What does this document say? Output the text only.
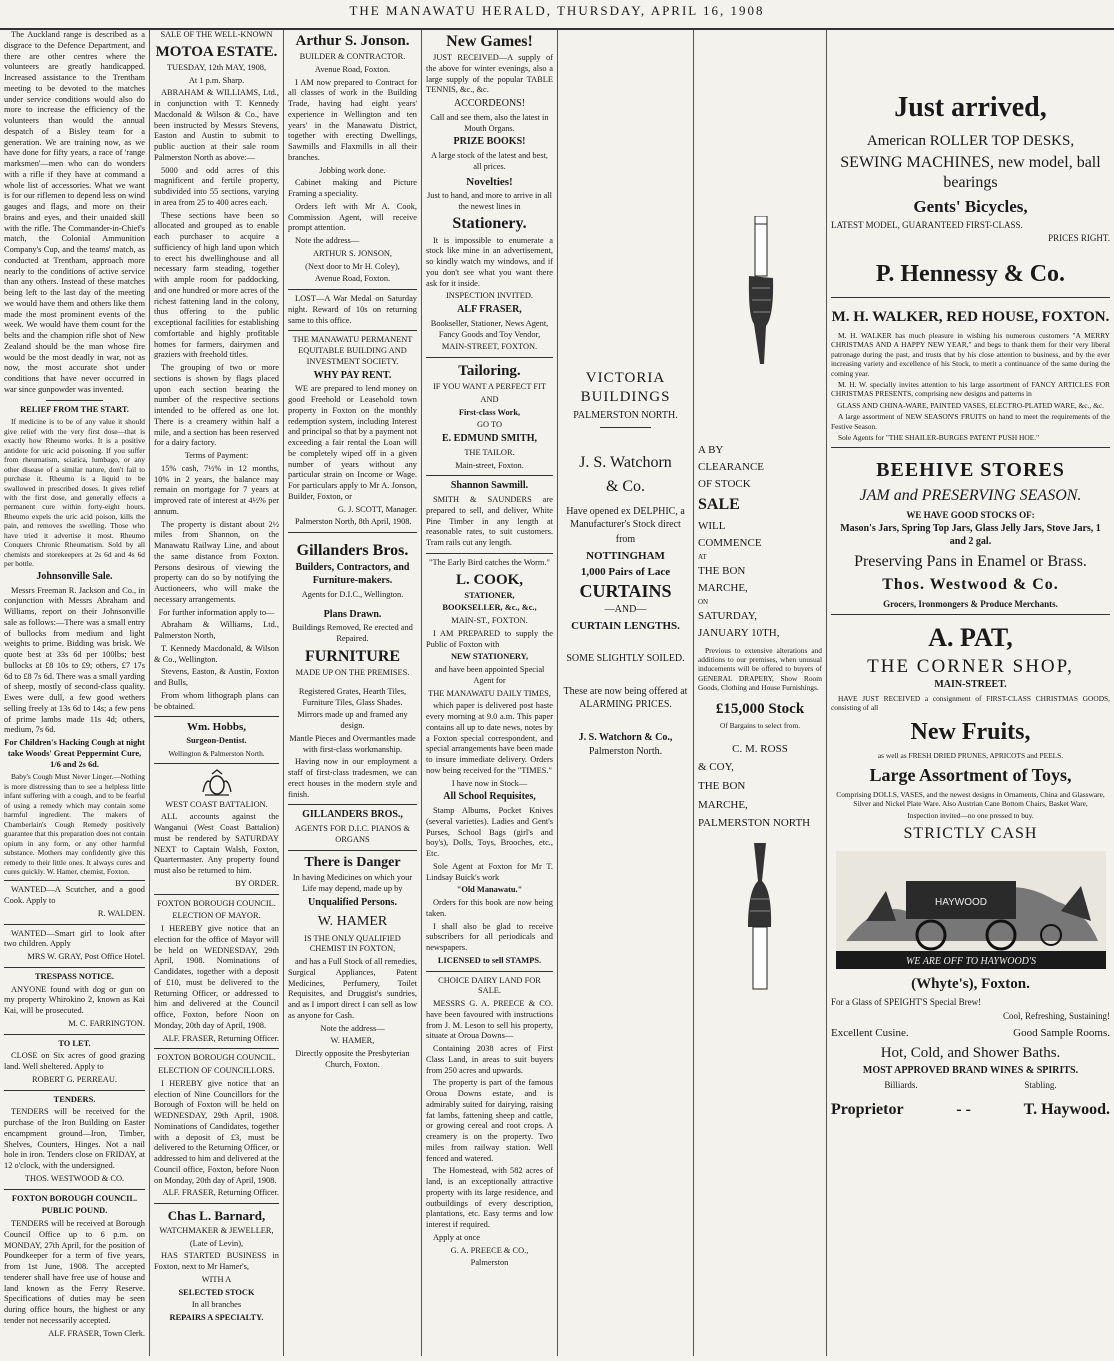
THE MANAWATU HERALD, THURSDAY, APRIL 16, 1908

The Auckland range is described as a disgrace to the Defence Department, and there are other centres where the volunteers are greatly handicapped. Increased assistance to the Trentham meeting to be devoted to the matches under service conditions would also do more to increase the efficiency of the volunteers than would the annual despatch of a Bisley team for a generation. We are training now, as we have done for fifty years, a race of 'range marksmen'—men who can do wonders with a rifle if they have at command a whole list of accessories. What we want is for our riflemen to depend less on wind gauges and flags, and more on their brains and eyes, and their unaided skill with the rifle. The Commander-in-Chief's match, the Colonial Ammunition Company's Cup, and the teams' match, as conducted at Trentham, approach more nearly to the conditions of active service than any others. Instead of these matches being left to the last day of the meeting we would have them and others like them made the most prominent events of the week. We would have them count for the belts and the champion rifle shot of New Zealand should be the man whose fire would be the most deadly in war, not as now, the most accurate shot under conditions that have never occurred in war since gunpowder was invented.

RELIEF FROM THE START.

If medicine is to be of any value it should give relief with the very first dose—that is exactly how Rheumo works. It is a positive antidote for uric acid poisoning. If you suffer from rheumatism, sciatica, lumbago, or any other disease of a similar nature, don't fail to purchase it. Rheumo is a liquid to be swallowed in prescribed doses. It gives relief with the first dose, and generally effects a permanent cure within forty-eight hours. Rheumo expels the uric acid poison, kills the pain, and removes the swelling. Those who have tried it advertise it most. Rheumo Conquers Chronic Rheumatism. Sold by all chemists and storekeepers at 2s 6d and 4s 6d per bottle.

Johnsonville Sale.

Messrs Freeman R. Jackson and Co., in conjunction with Messrs Abraham and Williams, report on their Johnsonville sale as follows:—There was a small entry of bullocks from medium and light weights to prime. Bidding was brisk. We quote best at 33s 6d per 100lbs; best bullocks at £8 10s to £9; others, £7 17s 6d to £8 7s 6d. There was a small yarding of sheep, mostly of second-class quality. Ewes were dull, a few good wethers selling freely at 13s 6d to 14s; a few pens of prime lambs made 11s 4d; others, medium, 7s 6d.

For Children's Hacking Cough at night take Woods' Great Peppermint Cure, 1/6 and 2s 6d.

Baby's Cough Must Never Linger.—Nothing is more distressing than to see a helpless little infant suffering with a cough, and to be fearful of using a remedy which may contain some harmful ingredient. The makers of Chamberlain's Cough Remedy positively guarantee that this preparation does not contain opium in any form, or any other harmful substance. Mothers may confidently give this remedy to their little ones. It always cures and cures quickly. W. Hamer, chemist, Foxton.

WANTED—A Scutcher, and a good Cook. Apply to

R. WALDEN.

WANTED—Smart girl to look after two children. Apply

MRS W. GRAY, Post Office Hotel.

TRESPASS NOTICE.

ANYONE found with dog or gun on my property Whirokino 2, known as Kai Kai, will be prosecuted.

M. C. FARRINGTON.

TO LET.

CLOSE on Six acres of good grazing land. Well sheltered. Apply to

ROBERT G. PERREAU.

TENDERS.

TENDERS will be received for the purchase of the Iron Building on Easter encampment ground—Iron, Timber, Shelves, Counters, Hinges. Not a nail hole in iron. Tenders close on FRIDAY, at 12 o'clock, with the undersigned.

THOS. WESTWOOD & CO.

FOXTON BOROUGH COUNCIL.

PUBLIC POUND.

TENDERS will be received at Borough Council Office up to 6 p.m. on MONDAY, 27th April, for the position of Poundkeeper for a term of five years, from 1st June, 1908. The accepted tenderer shall have free use of house and land known as the Ferry Reserve. Specifications of duties may be seen during office hours, the highest or any tender not necessarily accepted.

ALF. FRASER, Town Clerk.

SALE OF THE WELL-KNOWN

MOTOA ESTATE.

TUESDAY, 12th MAY, 1908,

At 1 p.m. Sharp.

ABRAHAM & WILLIAMS, Ltd., in conjunction with T. Kennedy Macdonald & Wilson & Co., have been instructed by Messrs Stevens, Easton and Austin to submit to public auction at their sale room Palmerston North as above:—

5000 and odd acres of this magnificent and fertile property, subdivided into 55 sections, varying in area from 25 to 400 acres each.

These sections have been so allocated and grouped as to enable each purchaser to acquire a sufficiency of high land upon which to erect his dwellinghouse and all necessary farm steading, together with ample room for paddocking, and one hundred or more acres of the richest fattening land in the colony, thus offering to the public exceptional facilities for establishing comfortable and highly profitable homes for farmers, dairymen and graziers with freehold titles.

The grouping of two or more sections is shown by flags placed upon each section bearing the number of the respective sections intended to be offered as one lot. There is a creamery within half a mile, and a section has been reserved for a dairy factory.

Terms of Payment:

15% cash, 7½% in 12 months, 10% in 2 years, the balance may remain on mortgage for 7 years at improved rate of interest at 4½% per annum.

The property is distant about 2½ miles from Shannon, on the Manawatu Railway Line, and about the same distance from Foxton. Persons desirous of viewing the property can do so by notifying the Auctioneers, who will make the necessary arrangements.

For further information apply to—

Abraham & Williams, Ltd., Palmerston North,

T. Kennedy Macdonald, & Wilson & Co., Wellington.

Stevens, Easton, & Austin, Foxton and Bulls,

From whom lithograph plans can be obtained.

Wm. Hobbs,

Surgeon-Dentist.

Wellington & Palmerston North.

WEST COAST BATTALION.

ALL accounts against the Wanganui (West Coast Battalion) must be rendered by SATURDAY NEXT to Captain Walsh, Foxton, Quartermaster. Any property found must also be returned to him.

BY ORDER.

FOXTON BOROUGH COUNCIL.

ELECTION OF MAYOR.

I HEREBY give notice that an election for the office of Mayor will be held on WEDNESDAY, 29th April, 1908. Nominations of Candidates, together with a deposit of £10, must be delivered to the Returning Officer, or addressed to him and delivered at the Council office, Foxton, before Noon on Monday, 20th day of April, 1908.

ALF. FRASER, Returning Officer.

FOXTON BOROUGH COUNCIL.

ELECTION OF COUNCILLORS.

I HEREBY give notice that an election of Nine Councillors for the Borough of Foxton will be held on WEDNESDAY, 29th April, 1908. Nominations of Candidates, together with a deposit of £3, must be delivered to the Returning Officer, or addressed to him and delivered at the Council office, Foxton, before Noon on Monday, 20th day of April, 1908.

ALF. FRASER, Returning Officer.

Chas L. Barnard,

WATCHMAKER & JEWELLER,

(Late of Levin),

HAS STARTED BUSINESS in Foxton, next to Mr Hamer's,

WITH A

SELECTED STOCK

In all branches

REPAIRS A SPECIALTY.

Arthur S. Jonson.

BUILDER & CONTRACTOR.

Avenue Road, Foxton.

I AM now prepared to Contract for all classes of work in the Building Trade, having had eight years' experience in Wellington and ten years' in the Manawatu District, together with erecting Dwellings, Sawmills and Flaxmills in all their branches.

Jobbing work done.

Cabinet making and Picture Framing a speciality.

Orders left with Mr A. Cook, Commission Agent, will receive prompt attention.

Note the address—

ARTHUR S. JONSON,

(Next door to Mr H. Coley),

Avenue Road, Foxton.

LOST—A War Medal on Saturday night. Reward of 10s on returning same to this office.

THE MANAWATU PERMANENT EQUITABLE BUILDING AND INVESTMENT SOCIETY.

WHY PAY RENT.

WE are prepared to lend money on good Freehold or Leasehold town property in Foxton on the monthly redemption system, including Interest and principal so that by a payment not exceeding a fair rental the Loan will be completely wiped off in a given number of years without any particular strain on Income or Wage. For particulars apply to Mr A. Jonson, Builder, Foxton, or

G. J. SCOTT, Manager.

Palmerston North, 8th April, 1908.

Gillanders Bros.

Builders, Contractors, and Furniture-makers.

Agents for D.I.C., Wellington.

Plans Drawn.

Buildings Removed, Re erected and Repaired.

FURNITURE

MADE UP ON THE PREMISES.

Registered Grates, Hearth Tiles, Furniture Tiles, Glass Shades.

Mirrors made up and framed any design.

Mantle Pieces and Overmantles made with first-class workmanship.

Having now in our employment a staff of first-class tradesmen, we can erect houses in the modern style and finish.

GILLANDERS BROS.,

AGENTS FOR D.I.C. PIANOS & ORGANS

There is Danger

In having Medicines on which your Life may depend, made up by

Unqualified Persons.

W. HAMER

IS THE ONLY QUALIFIED CHEMIST IN FOXTON,

and has a Full Stock of all remedies, Surgical Appliances, Patent Medicines, Perfumery, Toilet Requisites, and Druggist's sundries, and as I import direct I can sell as low as anyone for Cash.

Note the address—

W. HAMER,

Directly opposite the Presbyterian Church, Foxton.

New Games!

JUST RECEIVED—A supply of the above for winter evenings, also a large supply of the popular TABLE TENNIS, &c., &c.

ACCORDEONS!

Call and see them, also the latest in Mouth Organs.

PRIZE BOOKS!

A large stock of the latest and best, all prices.

Novelties!

Just to hand, and more to arrive in all the newest lines in

Stationery.

It is impossible to enumerate a stock like mine in an advertisement, so kindly watch my windows, and if you don't see what you want there ask for it inside.

INSPECTION INVITED.

ALF FRASER,

Bookseller, Stationer, News Agent, Fancy Goods and Toy Vendor,

MAIN-STREET, FOXTON.

Tailoring.

IF YOU WANT A PERFECT FIT

AND

First-class Work,

GO TO

E. EDMUND SMITH,

THE TAILOR.

Main-street, Foxton.

Shannon Sawmill.

SMITH & SAUNDERS are prepared to sell, and deliver, White Pine Timber in any length at reasonable rates, to suit customers. Tram rails cut any length.

"The Early Bird catches the Worm."

L. COOK,

STATIONER,

BOOKSELLER, &c., &c.,

MAIN-ST., FOXTON.

I AM PREPARED to supply the Public of Foxton with

NEW STATIONERY,

and have been appointed Special Agent for

THE MANAWATU DAILY TIMES,

which paper is delivered post haste every morning at 9.0 a.m. This paper contains all up to date news, notes by a Foxton special correspondent, and special arrangements have been made to insure immediate delivery. Orders now being received for the "TIMES."

I have now in Stock—

All School Requisites,

Stamp Albums, Pocket Knives (several varieties). Ladies and Gent's Purses, School Bags (girl's and boy's), Dolls, Toys, Brooches, etc., Etc.

Sole Agent at Foxton for Mr T. Lindsay Buick's work

"Old Manawatu."

Orders for this book are now being taken.

I shall also be glad to receive subscribers for all periodicals and newspapers.

LICENSED to sell STAMPS.

CHOICE DAIRY LAND FOR SALE.

MESSRS G. A. PREECE & CO. have been favoured with instructions from J. M. Leson to sell his property, situate at Oroua Downs—

Containing 2038 acres of First Class Land, in areas to suit buyers from 250 acres and upwards.

The property is part of the famous Oroua Downs estate, and is admirably suited for dairying, raising fat lambs, fattening sheep and cattle, or growing cereal and root crops. A creamery is on the property. Two miles from railway station. Well fenced and watered.

The Homestead, with 582 acres of land, is an exceptionally attractive property with its large residence, and outbuildings of every description, plantations, etc. Easy terms and low interest if required.

Apply at once

G. A. PREECE & CO.,

Palmerston

VICTORIA BUILDINGS

PALMERSTON NORTH.

J. S. Watchorn
& Co.

Have opened ex DELPHIC, a Manufacturer's Stock direct

from

NOTTINGHAM

1,000 Pairs of Lace

CURTAINS

—AND—

CURTAIN LENGTHS.

SOME SLIGHTLY SOILED.

These are now being offered at ALARMING PRICES.

J. S. Watchorn & Co.,

Palmerston North.

A BY
CLEARANCE
OF STOCK
SALE
WILL
COMMENCE
AT
THE BON
MARCHE,
ON
SATURDAY,
JANUARY 10TH,

Previous to extensive alterations and additions to our premises, when unusual inducements will be offered to buyers of GENERAL DRAPERY, Show Room Goods, Clothing and House Furnishings.

£15,000 Stock

Of Bargains to select from.

C. M. ROSS
& COY,
THE BON
MARCHE,
PALMERSTON NORTH
Just arrived,
American ROLLER TOP DESKS,
SEWING MACHINES, new model, ball bearings
Gents' Bicycles,

LATEST MODEL, GUARANTEED FIRST-CLASS.

PRICES RIGHT.

P. Hennessy & Co.
M. H. WALKER, RED HOUSE, FOXTON.

M. H. WALKER has much pleasure in wishing his numerous customers "A MERRY CHRISTMAS AND A HAPPY NEW YEAR," and begs to thank them for their very liberal patronage during the past, and trusts that by his close attention to business, and by the ever increasing variety and excellence of his Stock, to merit a continuance of the same during the coming year.

M. H. W. specially invites attention to his large assortment of FANCY ARTICLES FOR CHRISTMAS PRESENTS, comprising new designs and patterns in

GLASS AND CHINA-WARE, PAINTED VASES, ELECTRO-PLATED WARE, &c., &c.

A large assortment of NEW SEASON'S FRUITS on hand to meet the requirements of the Festive Season.

Sole Agents for "THE SHAILER-BURGES PATENT PUSH HOE."

BEEHIVE STORES
JAM and PRESERVING SEASON.

WE HAVE GOOD STOCKS OF:

Mason's Jars, Spring Top Jars, Glass Jelly Jars, Stove Jars, 1 and 2 gal.

Preserving Pans in Enamel or Brass.
Thos. Westwood & Co.

Grocers, Ironmongers & Produce Merchants.

A. PAT,
THE CORNER SHOP,

MAIN-STREET.

HAVE JUST RECEIVED a consignment of FIRST-CLASS CHRISTMAS GOODS, consisting of all

New Fruits,

as well as FRESH DRIED PRUNES, APRICOTS and PEELS.

Large Assortment of Toys,

Comprising DOLLS, VASES, and the newest designs in Ornaments, China and Glassware, Silver and Nickel Plate Ware. Also Austrian Cane Bottom Chairs, Basket Ware,

Inspection invited—no one pressed to buy.

STRICTLY CASH
HAYWOOD
WE ARE OFF TO HAYWOOD'S
(Whyte's), Foxton.

For a Glass of SPEIGHT'S Special Brew!

Cool, Refreshing, Sustaining!

Excellent Cusine.	Good Sample Rooms.
Hot, Cold, and Shower Baths.

MOST APPROVED BRAND WINES & SPIRITS.

Billiards.	Stabling.
Proprietor	- -	T. Haywood.
